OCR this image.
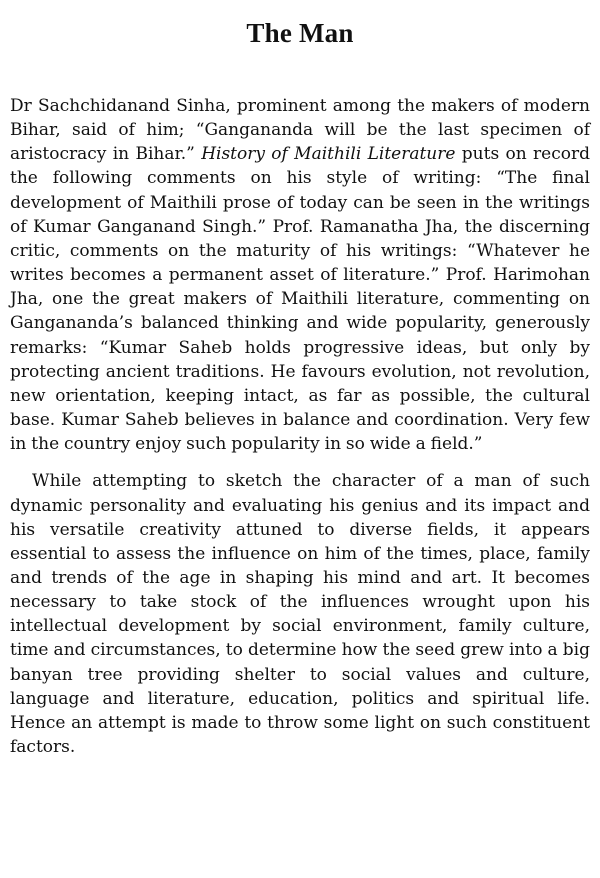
The Man

Dr Sachchidanand Sinha, prominent among the makers of modern Bihar, said of him; “Gangananda will be the last specimen of aristocracy in Bihar.” History of Maithili Literature puts on record the following comments on his style of writing: “The final development of Maithili prose of today can be seen in the writings of Kumar Ganganand Singh.” Prof. Ramanatha Jha, the discerning critic, comments on the maturity of his writings: “Whatever he writes becomes a permanent asset of literature.” Prof. Harimohan Jha, one the great makers of Maithili literature, commenting on Gangananda’s balanced thinking and wide popularity, generously remarks: “Kumar Saheb holds progressive ideas, but only by protecting ancient traditions. He favours evolution, not revolution, new orientation, keeping intact, as far as possible, the cultural base. Kumar Saheb believes in balance and coordination. Very few in the country enjoy such popularity in so wide a field.”

While attempting to sketch the character of a man of such dynamic personality and evaluating his genius and its impact and his versatile creativity attuned to diverse fields, it appears essential to assess the influence on him of the times, place, family and trends of the age in shaping his mind and art. It becomes necessary to take stock of the influences wrought upon his intellectual development by social environment, family culture, time and circumstances, to determine how the seed grew into a big banyan tree providing shelter to social values and culture, language and literature, education, politics and spiritual life. Hence an attempt is made to throw some light on such constituent factors.
